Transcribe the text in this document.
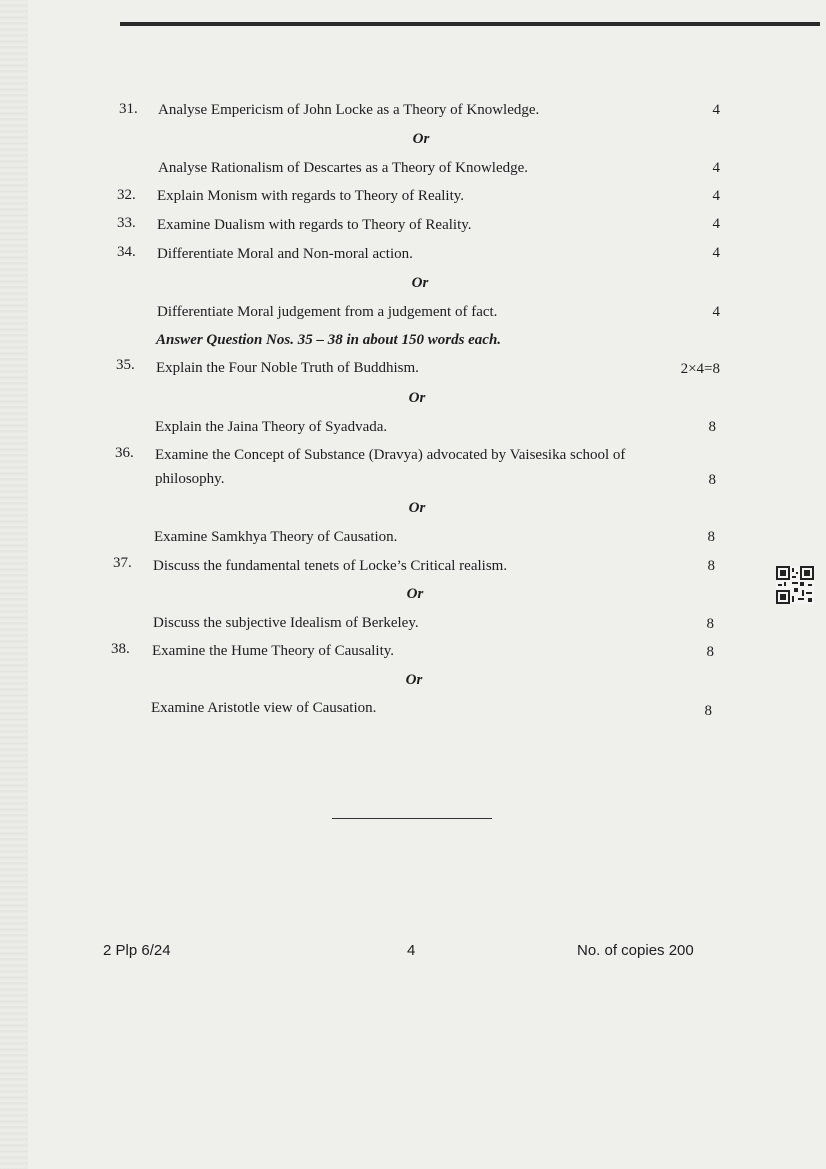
31. Analyse Empericism of John Locke as a Theory of Knowledge.	4
Or
Analyse Rationalism of Descartes as a Theory of Knowledge.	4
32. Explain Monism with regards to Theory of Reality.	4
33. Examine Dualism with regards to Theory of Reality.	4
34. Differentiate Moral and Non-moral action.	4
Or
Differentiate Moral judgement from a judgement of fact.	4
Answer Question Nos. 35 – 38 in about 150 words each.
35. Explain the Four Noble Truth of Buddhism.	2×4=8
Or
Explain the Jaina Theory of Syadvada.	8
36. Examine the Concept of Substance (Dravya) advocated by Vaisesika school of
philosophy.	8
Or
Examine Samkhya Theory of Causation.	8
37. Discuss the fundamental tenets of Locke’s Critical realism.	8
Or
Discuss the subjective Idealism of Berkeley.	8
38. Examine the Hume Theory of Causality.	8
Or
Examine Aristotle view of Causation.	8
2 Plp 6/24	4	No. of copies 200
